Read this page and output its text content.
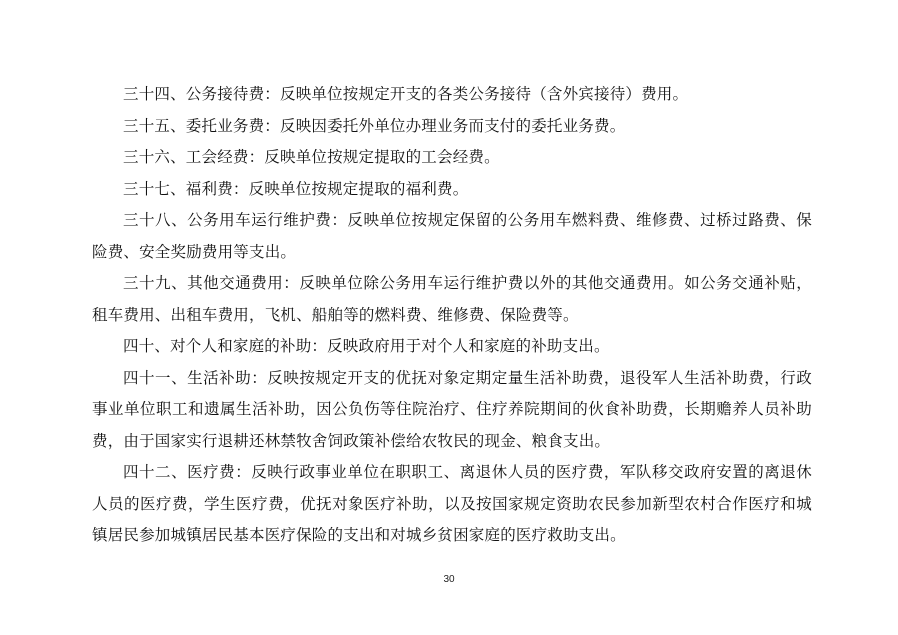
三十四、公务接待费：反映单位按规定开支的各类公务接待（含外宾接待）费用。

三十五、委托业务费：反映因委托外单位办理业务而支付的委托业务费。

三十六、工会经费：反映单位按规定提取的工会经费。

三十七、福利费：反映单位按规定提取的福利费。

三十八、公务用车运行维护费：反映单位按规定保留的公务用车燃料费、维修费、过桥过路费、保险费、安全奖励费用等支出。

三十九、其他交通费用：反映单位除公务用车运行维护费以外的其他交通费用。如公务交通补贴，租车费用、出租车费用，飞机、船舶等的燃料费、维修费、保险费等。

四十、对个人和家庭的补助：反映政府用于对个人和家庭的补助支出。

四十一、生活补助：反映按规定开支的优抚对象定期定量生活补助费，退役军人生活补助费，行政事业单位职工和遗属生活补助，因公负伤等住院治疗、住疗养院期间的伙食补助费，长期赡养人员补助费，由于国家实行退耕还林禁牧舍饲政策补偿给农牧民的现金、粮食支出。

四十二、医疗费：反映行政事业单位在职职工、离退休人员的医疗费，军队移交政府安置的离退休人员的医疗费，学生医疗费，优抚对象医疗补助，以及按国家规定资助农民参加新型农村合作医疗和城镇居民参加城镇居民基本医疗保险的支出和对城乡贫困家庭的医疗救助支出。

30
